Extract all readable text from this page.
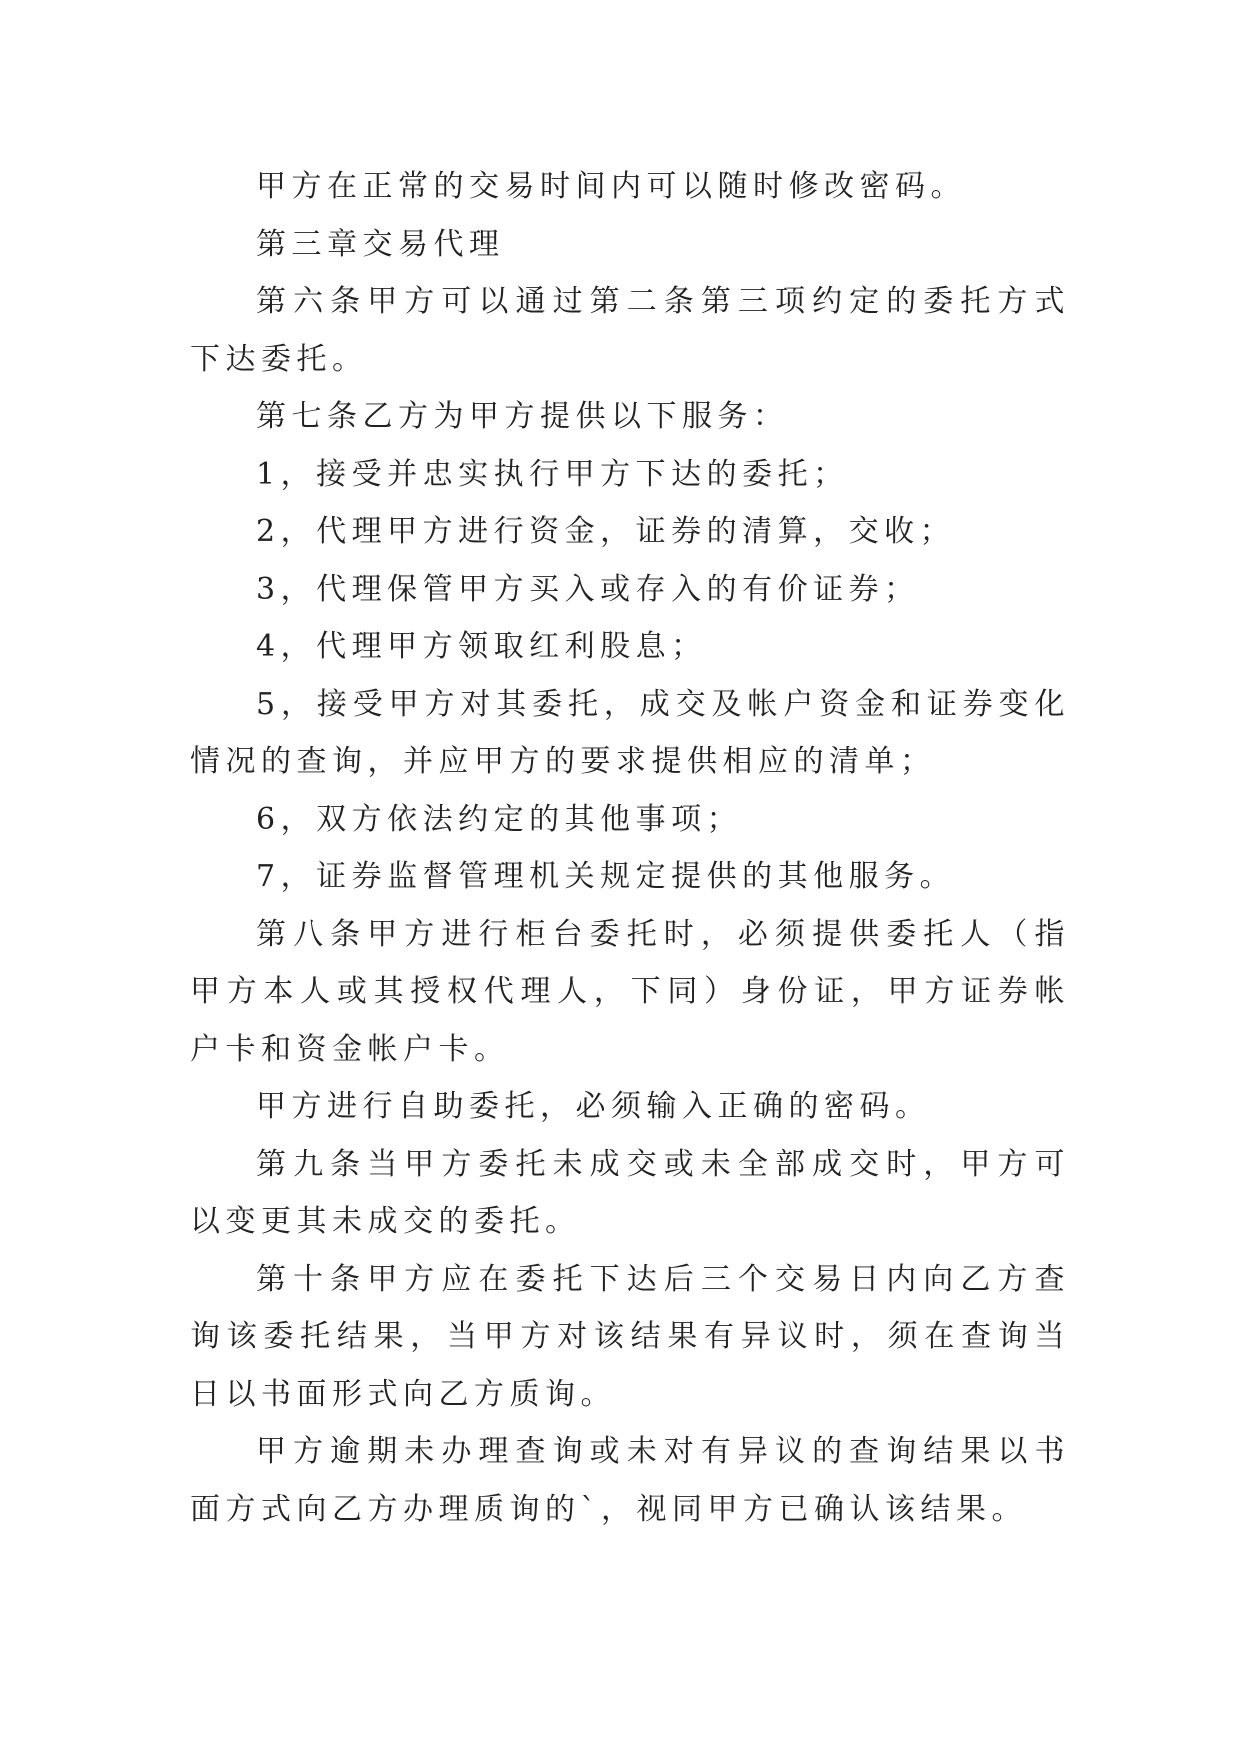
甲方在正常的交易时间内可以随时修改密码。

第三章交易代理

第六条甲方可以通过第二条第三项约定的委托方式下达委托。

第七条乙方为甲方提供以下服务：

1，接受并忠实执行甲方下达的委托；

2，代理甲方进行资金，证券的清算，交收；

3，代理保管甲方买入或存入的有价证券；

4，代理甲方领取红利股息；

5，接受甲方对其委托，成交及帐户资金和证券变化情况的查询，并应甲方的要求提供相应的清单；

6，双方依法约定的其他事项；

7，证券监督管理机关规定提供的其他服务。

第八条甲方进行柜台委托时，必须提供委托人（指甲方本人或其授权代理人，下同）身份证，甲方证券帐户卡和资金帐户卡。

甲方进行自助委托，必须输入正确的密码。

第九条当甲方委托未成交或未全部成交时，甲方可以变更其未成交的委托。

第十条甲方应在委托下达后三个交易日内向乙方查询该委托结果，当甲方对该结果有异议时，须在查询当日以书面形式向乙方质询。

甲方逾期未办理查询或未对有异议的查询结果以书面方式向乙方办理质询的`，视同甲方已确认该结果。
